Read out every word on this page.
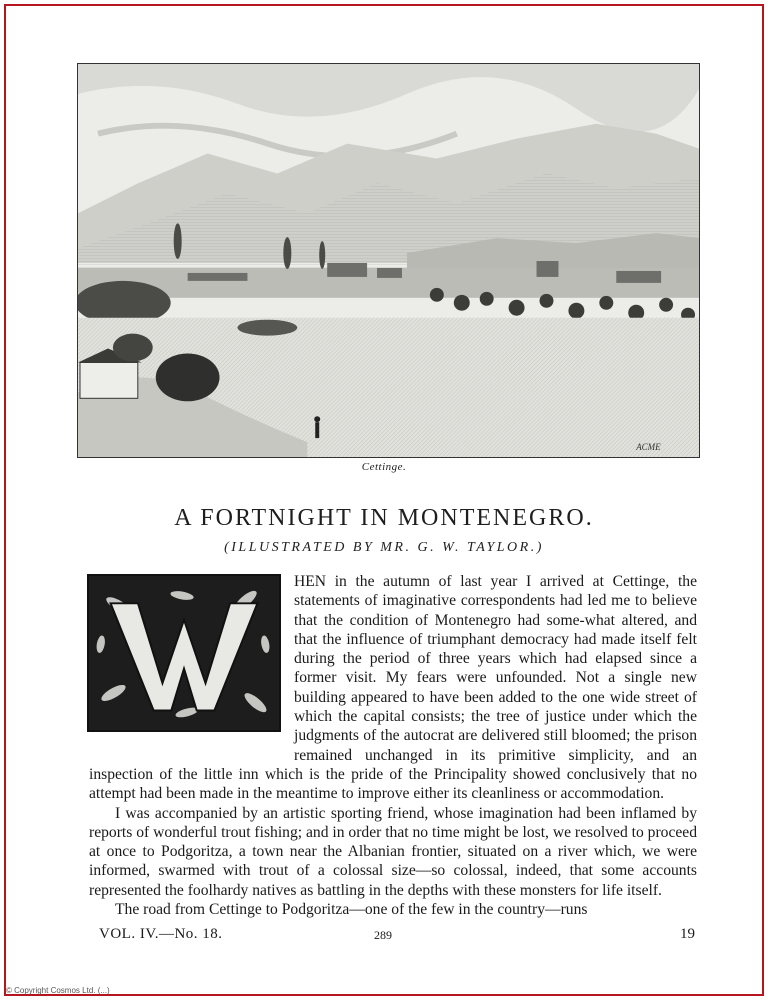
ACME
Cettinge.
A FORTNIGHT IN MONTENEGRO.
(ILLUSTRATED BY MR. G. W. TAYLOR.)

HEN in the autumn of last year I arrived at Cettinge, the statements of imaginative correspondents had led me to believe that the condition of Montenegro had some-what altered, and that the influence of triumphant democracy had made itself felt during the period of three years which had elapsed since a former visit. My fears were unfounded. Not a single new building appeared to have been added to the one wide street of which the capital consists; the tree of justice under which the judgments of the autocrat are delivered still bloomed; the prison remained unchanged in its primitive simplicity, and an inspection of the little inn which is the pride of the Principality showed conclusively that no attempt had been made in the meantime to improve either its cleanliness or accommodation.

I was accompanied by an artistic sporting friend, whose imagination had been inflamed by reports of wonderful trout fishing; and in order that no time might be lost, we resolved to proceed at once to Podgoritza, a town near the Albanian frontier, situated on a river which, we were informed, swarmed with trout of a colossal size—so colossal, indeed, that some accounts represented the foolhardy natives as battling in the depths with these monsters for life itself.

The road from Cettinge to Podgoritza—one of the few in the country—runs

VOL. IV.—No. 18.	289	19
© Copyright Cosmos Ltd. (...)
